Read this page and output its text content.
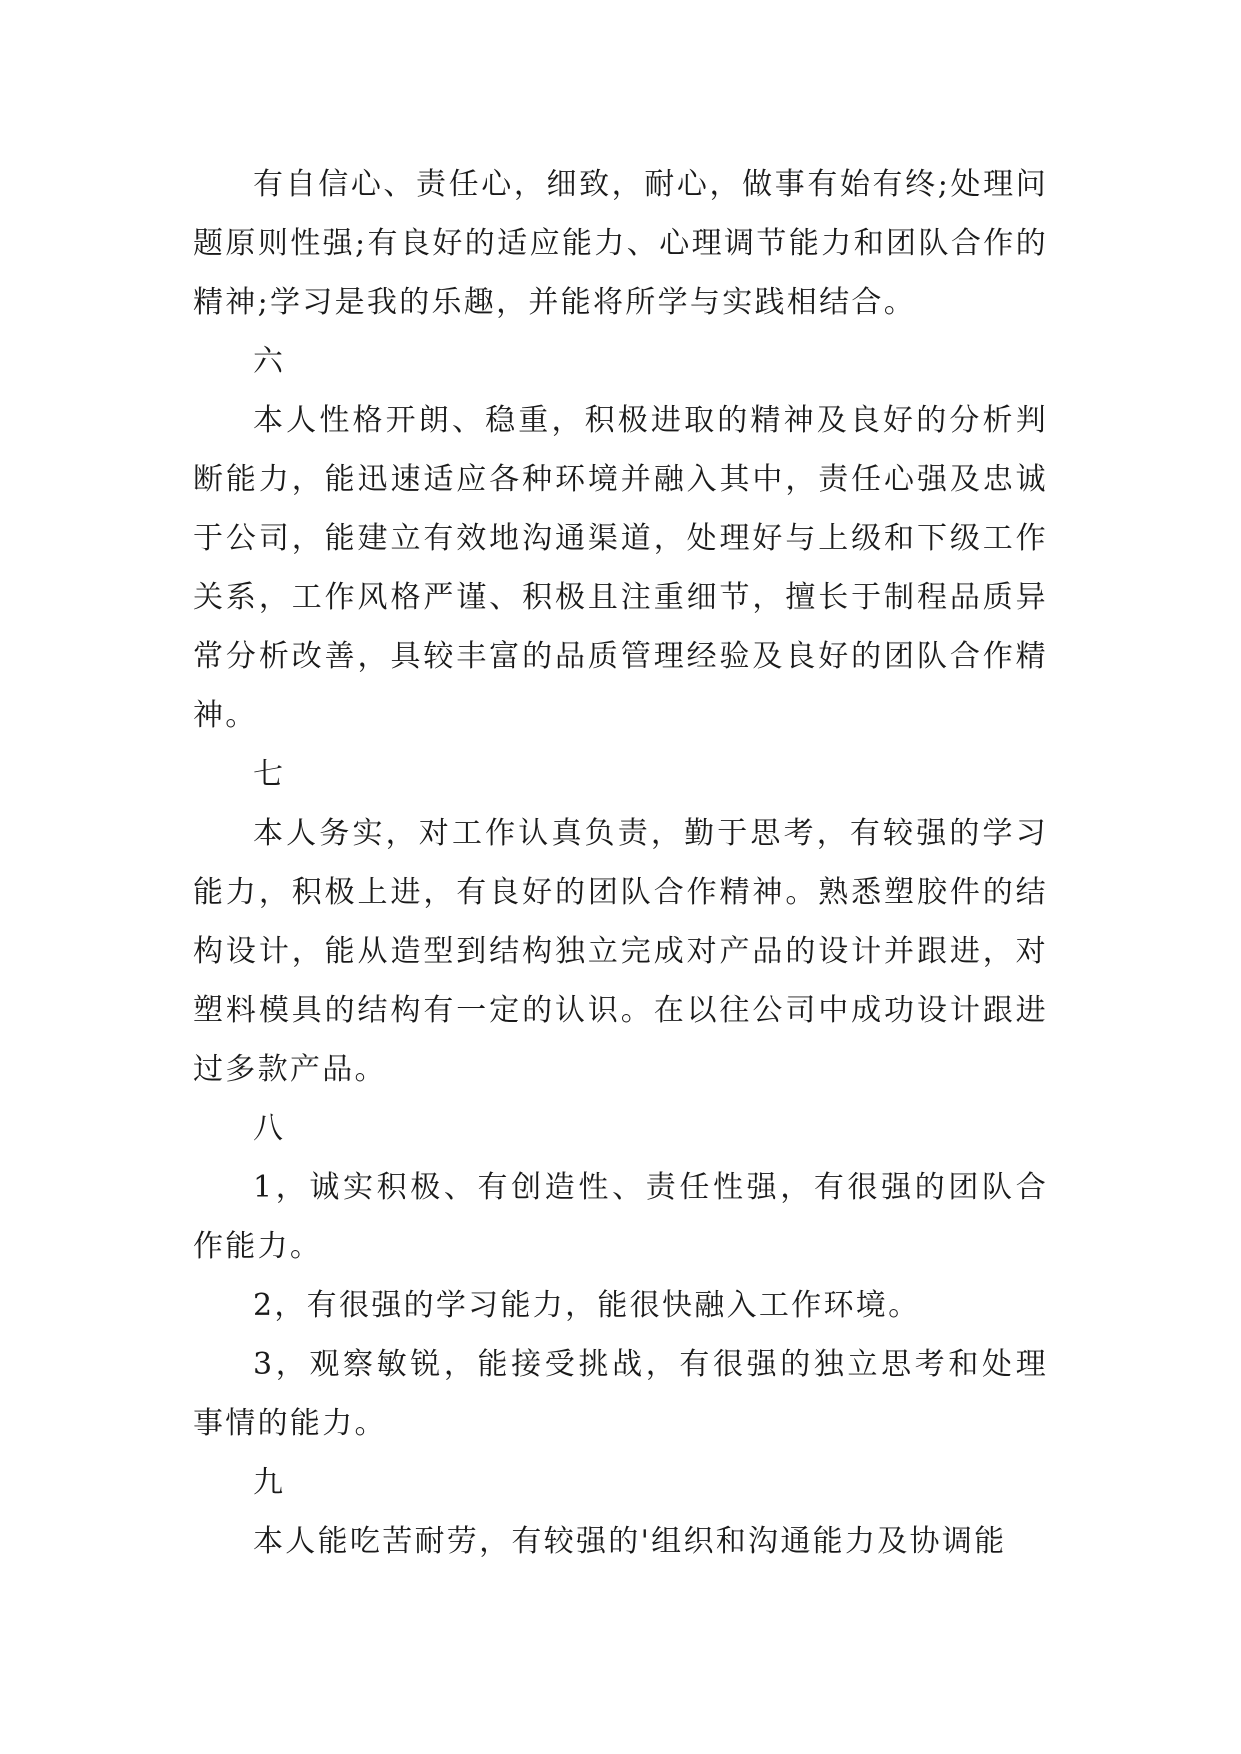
有自信心、责任心，细致，耐心，做事有始有终;处理问题原则性强;有良好的适应能力、心理调节能力和团队合作的精神;学习是我的乐趣，并能将所学与实践相结合。

六

本人性格开朗、稳重，积极进取的精神及良好的分析判断能力，能迅速适应各种环境并融入其中，责任心强及忠诚于公司，能建立有效地沟通渠道，处理好与上级和下级工作关系，工作风格严谨、积极且注重细节，擅长于制程品质异常分析改善，具较丰富的品质管理经验及良好的团队合作精神。

七

本人务实，对工作认真负责，勤于思考，有较强的学习能力，积极上进，有良好的团队合作精神。熟悉塑胶件的结构设计，能从造型到结构独立完成对产品的设计并跟进，对塑料模具的结构有一定的认识。在以往公司中成功设计跟进过多款产品。

八

1，诚实积极、有创造性、责任性强，有很强的团队合作能力。

2，有很强的学习能力，能很快融入工作环境。

3，观察敏锐，能接受挑战，有很强的独立思考和处理事情的能力。

九

本人能吃苦耐劳，有较强的'组织和沟通能力及协调能
